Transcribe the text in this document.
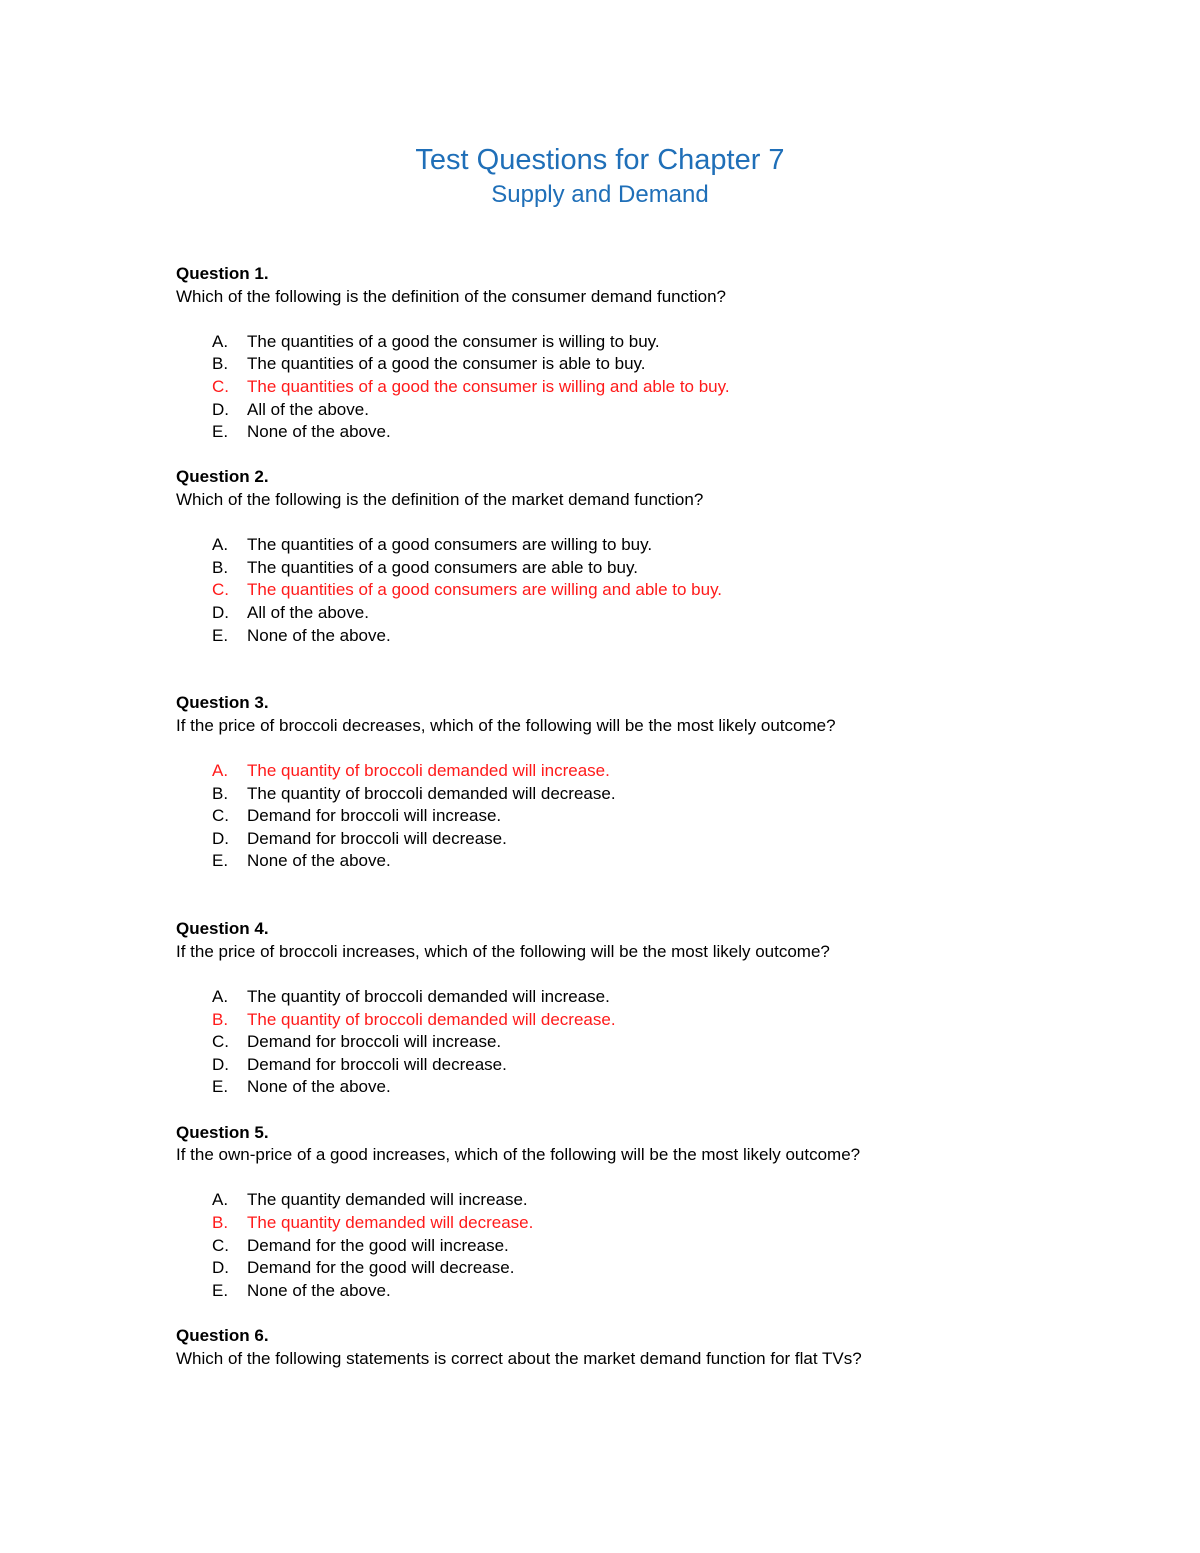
Test Questions for Chapter 7
Supply and Demand
Question 1.
Which of the following is the definition of the consumer demand function?
A. The quantities of a good the consumer is willing to buy.
B. The quantities of a good the consumer is able to buy.
C. The quantities of a good the consumer is willing and able to buy.
D. All of the above.
E. None of the above.
Question 2.
Which of the following is the definition of the market demand function?
A. The quantities of a good consumers are willing to buy.
B. The quantities of a good consumers are able to buy.
C. The quantities of a good consumers are willing and able to buy.
D. All of the above.
E. None of the above.
Question 3.
If the price of broccoli decreases, which of the following will be the most likely outcome?
A. The quantity of broccoli demanded will increase.
B. The quantity of broccoli demanded will decrease.
C. Demand for broccoli will increase.
D. Demand for broccoli will decrease.
E. None of the above.
Question 4.
If the price of broccoli increases, which of the following will be the most likely outcome?
A. The quantity of broccoli demanded will increase.
B. The quantity of broccoli demanded will decrease.
C. Demand for broccoli will increase.
D. Demand for broccoli will decrease.
E. None of the above.
Question 5.
If the own-price of a good increases, which of the following will be the most likely outcome?
A. The quantity demanded will increase.
B. The quantity demanded will decrease.
C. Demand for the good will increase.
D. Demand for the good will decrease.
E. None of the above.
Question 6.
Which of the following statements is correct about the market demand function for flat TVs?
